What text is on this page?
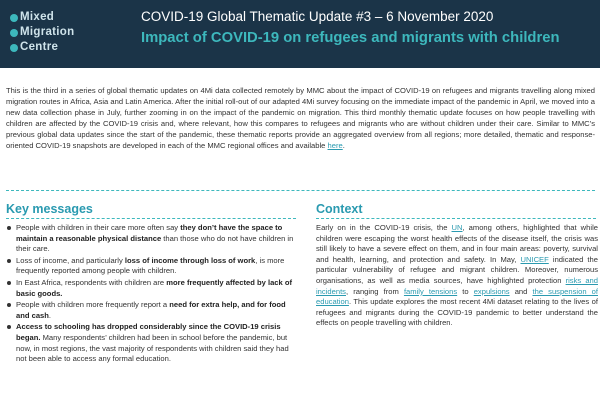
Mixed
Migration
Centre
COVID-19 Global Thematic Update #3 – 6 November 2020
Impact of COVID-19 on refugees and migrants with children
This is the third in a series of global thematic updates on 4Mi data collected remotely by MMC about the impact of COVID-19 on refugees and migrants travelling along mixed migration routes in Africa, Asia and Latin America. After the initial roll-out of our adapted 4Mi survey focusing on the immediate impact of the pandemic in April, we moved into a new data collection phase in July, further zooming in on the impact of the pandemic on migration. This third monthly thematic update focuses on how people travelling with children are affected by the COVID-19 crisis and, where relevant, how this compares to refugees and migrants who are without children under their care. Similar to MMC’s previous global data updates since the start of the pandemic, these thematic reports provide an aggregated overview from all regions; more detailed, thematic and response-oriented COVID-19 snapshots are developed in each of the MMC regional offices and available here.
Key messages
People with children in their care more often say they don’t have the space to maintain a reasonable physical distance than those who do not have children in their care.
Loss of income, and particularly loss of income through loss of work, is more frequently reported among people with children.
In East Africa, respondents with children are more frequently affected by lack of basic goods.
People with children more frequently report a need for extra help, and for food and cash.
Access to schooling has dropped considerably since the COVID-19 crisis began. Many respondents’ children had been in school before the pandemic, but now, in most regions, the vast majority of respondents with children said they had not been able to access any formal education.
Context
Early on in the COVID-19 crisis, the UN, among others, highlighted that while children were escaping the worst health effects of the disease itself, the crisis was still likely to have a severe effect on them, and in four main areas: poverty, survival and health, learning, and protection and safety. In May, UNICEF indicated the particular vulnerability of refugee and migrant children. Moreover, numerous organisations, as well as media sources, have highlighted protection risks and incidents, ranging from family tensions to expulsions and the suspension of education. This update explores the most recent 4Mi dataset relating to the lives of refugees and migrants during the COVID-19 pandemic to better understand the effects on people travelling with children.
